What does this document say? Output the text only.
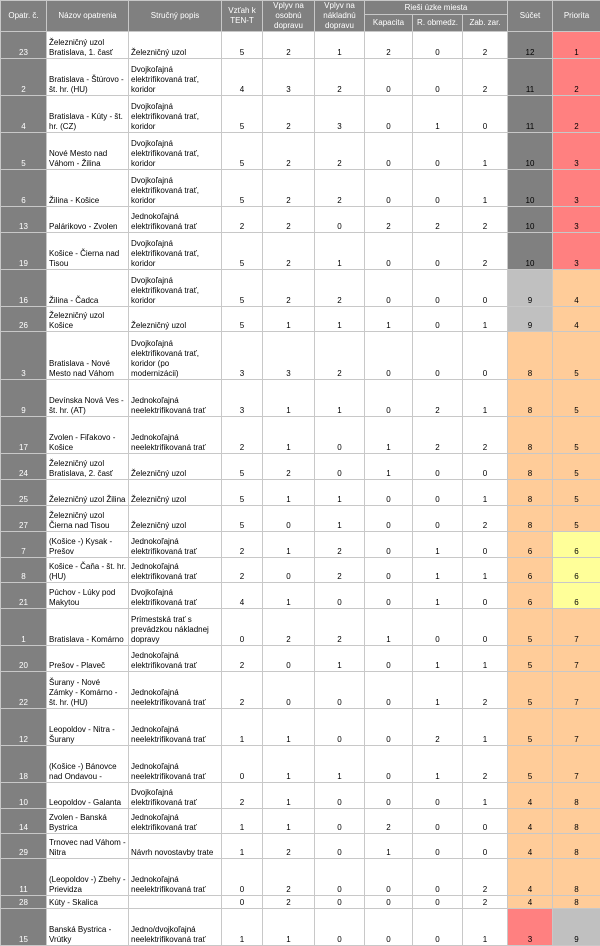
Opatr. č.	Názov opatrenia	Stručný popis	Vzťah k TEN-T	Vplyv na osobnú dopravu	Vplyv na nákladnú dopravu	Rieši úzke miesta			Súčet	Priorita
						Kapacita	R. obmedz.	Zab. zar.		
23	Železničný uzol Bratislava, 1. časť	Železničný uzol	5	2	1	2	0	2	12	1
2	Bratislava - Štúrovo - št. hr. (HU)	Dvojkoľajná elektrifikovaná trať, koridor	4	3	2	0	0	2	11	2
4	Bratislava - Kúty - št. hr. (CZ)	Dvojkoľajná elektrifikovaná trať, koridor	5	2	3	0	1	0	11	2
5	Nové Mesto nad Váhom - Žilina	Dvojkoľajná elektrifikovaná trať, koridor	5	2	2	0	0	1	10	3
6	Žilina - Košice	Dvojkoľajná elektrifikovaná trať, koridor	5	2	2	0	0	1	10	3
13	Palárikovo - Zvolen	Jednokoľajná elektrifikovaná trať	2	2	0	2	2	2	10	3
19	Košice - Čierna nad Tisou	Dvojkoľajná elektrifikovaná trať, koridor	5	2	1	0	0	2	10	3
16	Žilina - Čadca	Dvojkoľajná elektrifikovaná trať, koridor	5	2	2	0	0	0	9	4
26	Železničný uzol Košice	Železničný uzol	5	1	1	1	0	1	9	4
3	Bratislava - Nové Mesto nad Váhom	Dvojkoľajná elektrifikovaná trať, koridor (po modernizácii)	3	3	2	0	0	0	8	5
9	Devínska Nová Ves - št. hr. (AT)	Jednokoľajná neelektrifikovaná trať	3	1	1	0	2	1	8	5
17	Zvolen - Fiľakovo - Košice	Jednokoľajná neelektrifikovaná trať	2	1	0	1	2	2	8	5
24	Železničný uzol Bratislava, 2. časť	Železničný uzol	5	2	0	1	0	0	8	5
25	Železničný uzol Žilina	Železničný uzol	5	1	1	0	0	1	8	5
27	Železničný uzol Čierna nad Tisou	Železničný uzol	5	0	1	0	0	2	8	5
7	(Košice -) Kysak - Prešov	Jednokoľajná elektrifikovaná trať	2	1	2	0	1	0	6	6
8	Košice - Čaňa - št. hr. (HU)	Jednokoľajná elektrifikovaná trať	2	0	2	0	1	1	6	6
21	Púchov - Lúky pod Makytou	Dvojkoľajná elektrifikovaná trať	4	1	0	0	1	0	6	6
1	Bratislava - Komárno	Prímestská trať s prevádzkou nákladnej dopravy	0	2	2	1	0	0	5	7
20	Prešov - Plaveč	Jednokoľajná elektrifikovaná trať	2	0	1	0	1	1	5	7
22	Šurany - Nové Zámky - Komárno - št. hr. (HU)	Jednokoľajná neelektrifikovaná trať	2	0	0	0	1	2	5	7
12	Leopoldov - Nitra - Šurany	Jednokoľajná neelektrifikovaná trať	1	1	0	0	2	1	5	7
18	(Košice -) Bánovce nad Ondavou -	Jednokoľajná neelektrifikovaná trať	0	1	1	0	1	2	5	7
10	Leopoldov - Galanta	Dvojkoľajná elektrifikovaná trať	2	1	0	0	0	1	4	8
14	Zvolen - Banská Bystrica	Jednokoľajná elektrifikovaná trať	1	1	0	2	0	0	4	8
29	Trnovec nad Váhom - Nitra	Návrh novostavby trate	1	2	0	1	0	0	4	8
11	(Leopoldov -) Zbehy - Prievidza	Jednokoľajná neelektrifikovaná trať	0	2	0	0	0	2	4	8
28	Kúty - Skalica		0	2	0	0	0	2	4	8
15	Banská Bystrica - Vrútky	Jedno/dvojkoľajná neelektrifikovaná trať	1	1	0	0	0	1	3	9
